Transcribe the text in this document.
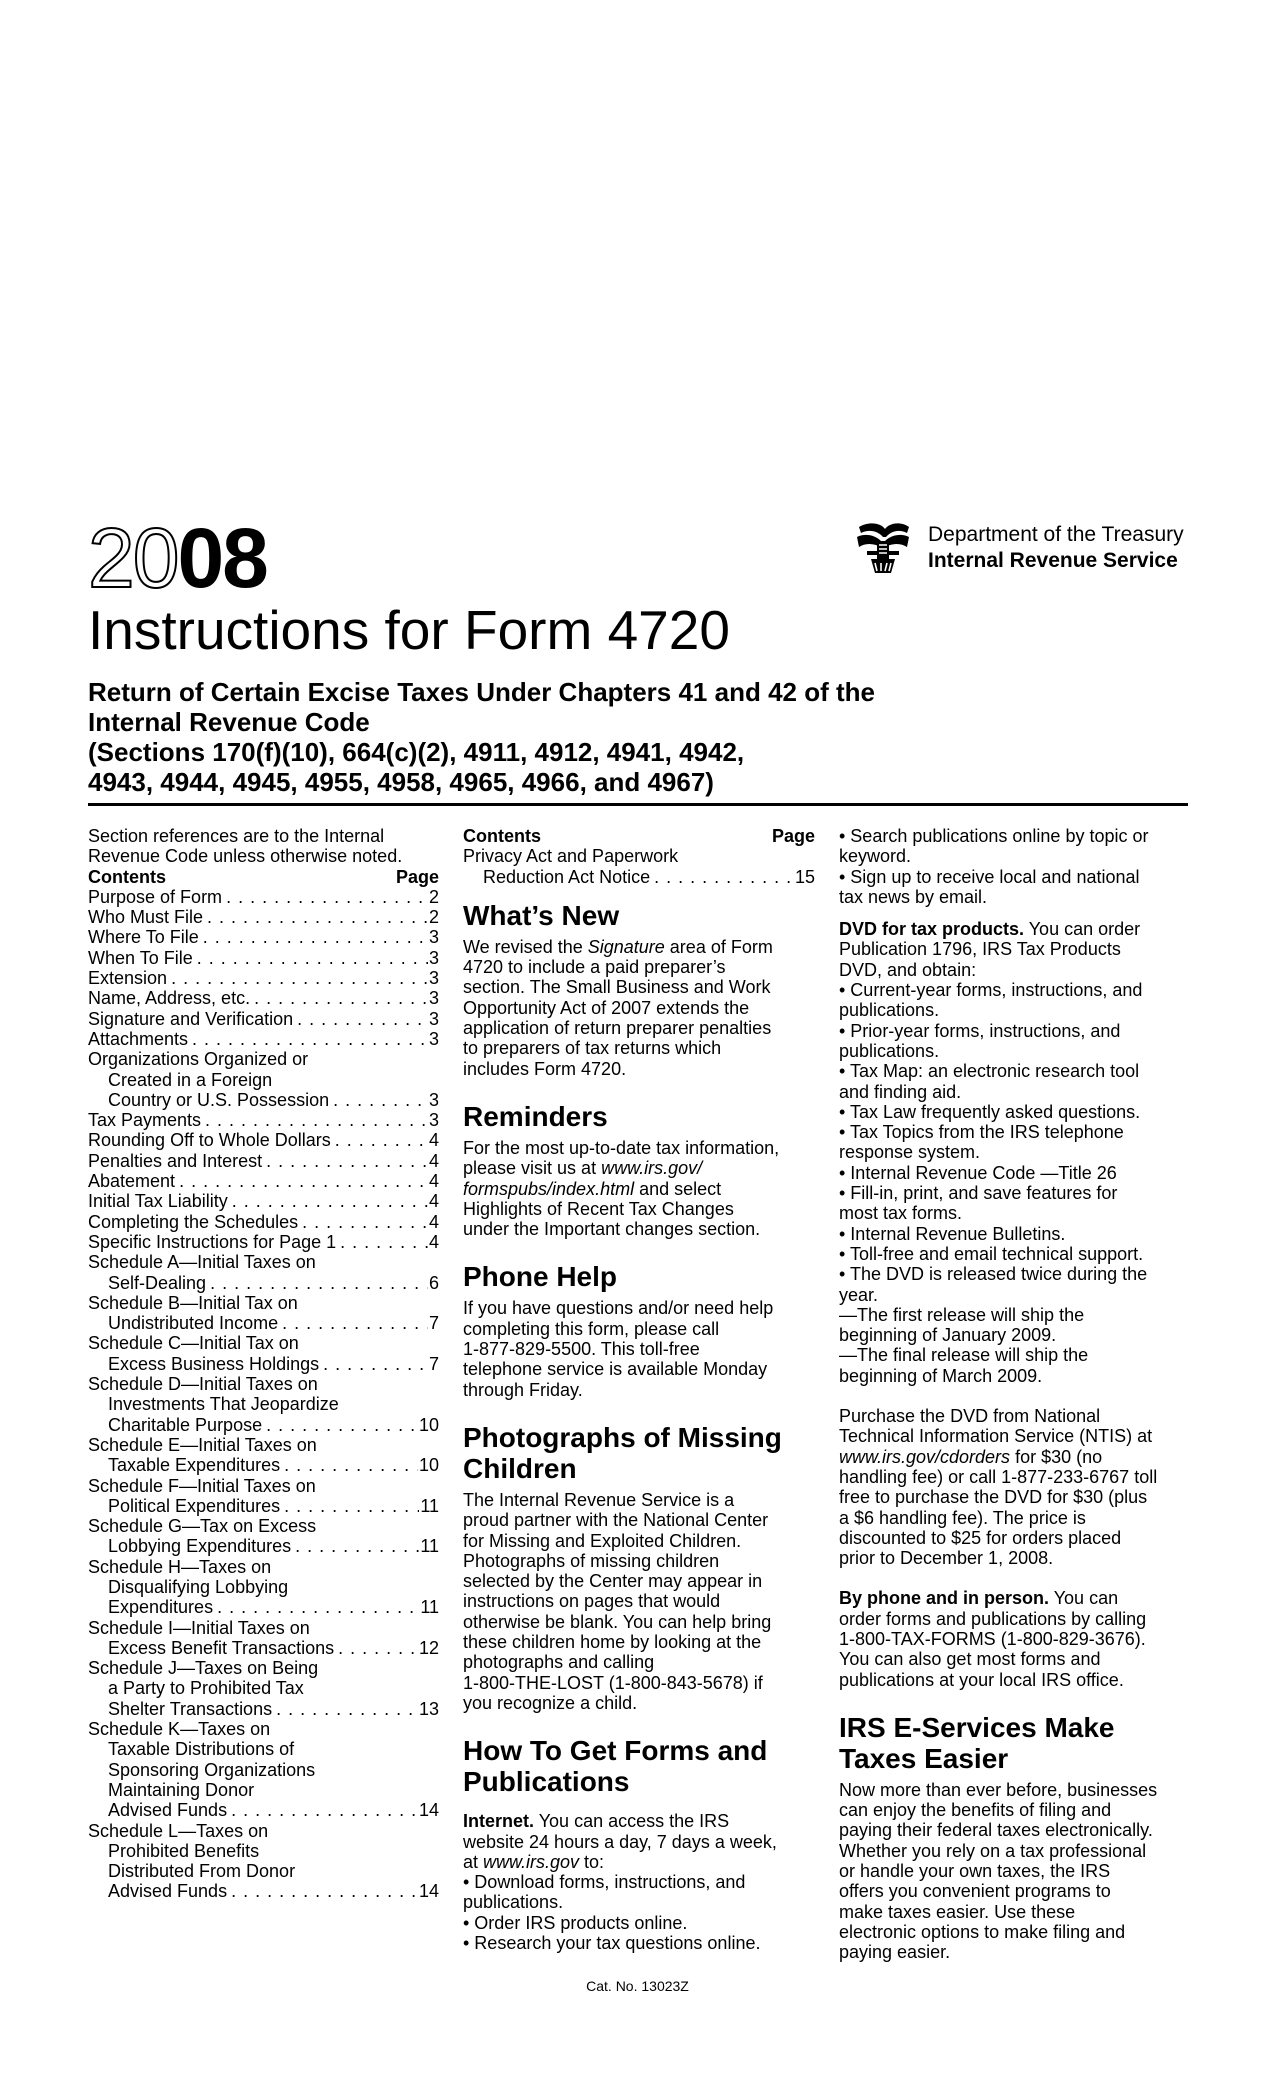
2008	Department of the Treasury
Internal Revenue Service
Instructions for Form 4720
Return of Certain Excise Taxes Under Chapters 41 and 42 of the
Internal Revenue Code
(Sections 170(f)(10), 664(c)(2), 4911, 4912, 4941, 4942,
4943, 4944, 4945, 4955, 4958, 4965, 4966, and 4967)
Section references are to the Internal
Revenue Code unless otherwise noted.
Contents	Page
Purpose of Form . . .	2
Who Must File . . .	2
Where To File . . .	3
When To File . . .	3
Extension . . .	3
Name, Address, etc. . . .	3
Signature and Verification . . .	3
Attachments . . .	3
Organizations Organized or
Created in a Foreign
Country or U.S. Possession . . .	3
Tax Payments . . .	3
Rounding Off to Whole Dollars . . .	4
Penalties and Interest . . .	4
Abatement . . .	4
Initial Tax Liability . . .	4
Completing the Schedules . . .	4
Specific Instructions for Page 1 . . .	4
Schedule A—Initial Taxes on
Self-Dealing . . .	6
Schedule B—Initial Tax on
Undistributed Income . . .	7
Schedule C—Initial Tax on
Excess Business Holdings . . .	7
Schedule D—Initial Taxes on
Investments That Jeopardize
Charitable Purpose . . .	10
Schedule E—Initial Taxes on
Taxable Expenditures . . .	10
Schedule F—Initial Taxes on
Political Expenditures . . .	11
Schedule G—Tax on Excess
Lobbying Expenditures . . .	11
Schedule H—Taxes on
Disqualifying Lobbying
Expenditures . . .	11
Schedule I—Initial Taxes on
Excess Benefit Transactions . . .	12
Schedule J—Taxes on Being
a Party to Prohibited Tax
Shelter Transactions . . .	13
Schedule K—Taxes on
Taxable Distributions of
Sponsoring Organizations
Maintaining Donor
Advised Funds . . .	14
Schedule L—Taxes on
Prohibited Benefits
Distributed From Donor
Advised Funds . . .	14
Contents	Page
Privacy Act and Paperwork
Reduction Act Notice . . .	15
What’s New
We revised the Signature area of Form
4720 to include a paid preparer’s
section. The Small Business and Work
Opportunity Act of 2007 extends the
application of return preparer penalties
to preparers of tax returns which
includes Form 4720.
Reminders
For the most up-to-date tax information,
please visit us at www.irs.gov/
formspubs/index.html and select
Highlights of Recent Tax Changes
under the Important changes section.
Phone Help
If you have questions and/or need help
completing this form, please call
1-877-829-5500. This toll-free
telephone service is available Monday
through Friday.
Photographs of Missing
Children
The Internal Revenue Service is a
proud partner with the National Center
for Missing and Exploited Children.
Photographs of missing children
selected by the Center may appear in
instructions on pages that would
otherwise be blank. You can help bring
these children home by looking at the
photographs and calling
1-800-THE-LOST (1-800-843-5678) if
you recognize a child.
How To Get Forms and
Publications
Internet. You can access the IRS
website 24 hours a day, 7 days a week,
at www.irs.gov to:
• Download forms, instructions, and
publications.
• Order IRS products online.
• Research your tax questions online.
• Search publications online by topic or
keyword.
• Sign up to receive local and national
tax news by email.
DVD for tax products. You can order
Publication 1796, IRS Tax Products
DVD, and obtain:
• Current-year forms, instructions, and
publications.
• Prior-year forms, instructions, and
publications.
• Tax Map: an electronic research tool
and finding aid.
• Tax Law frequently asked questions.
• Tax Topics from the IRS telephone
response system.
• Internal Revenue Code —Title 26
• Fill-in, print, and save features for
most tax forms.
• Internal Revenue Bulletins.
• Toll-free and email technical support.
• The DVD is released twice during the
year.
—The first release will ship the
beginning of January 2009.
—The final release will ship the
beginning of March 2009.
Purchase the DVD from National
Technical Information Service (NTIS) at
www.irs.gov/cdorders for $30 (no
handling fee) or call 1-877-233-6767 toll
free to purchase the DVD for $30 (plus
a $6 handling fee). The price is
discounted to $25 for orders placed
prior to December 1, 2008.
By phone and in person. You can
order forms and publications by calling
1-800-TAX-FORMS (1-800-829-3676).
You can also get most forms and
publications at your local IRS office.
IRS E-Services Make
Taxes Easier
Now more than ever before, businesses
can enjoy the benefits of filing and
paying their federal taxes electronically.
Whether you rely on a tax professional
or handle your own taxes, the IRS
offers you convenient programs to
make taxes easier. Use these
electronic options to make filing and
paying easier.
Cat. No. 13023Z
